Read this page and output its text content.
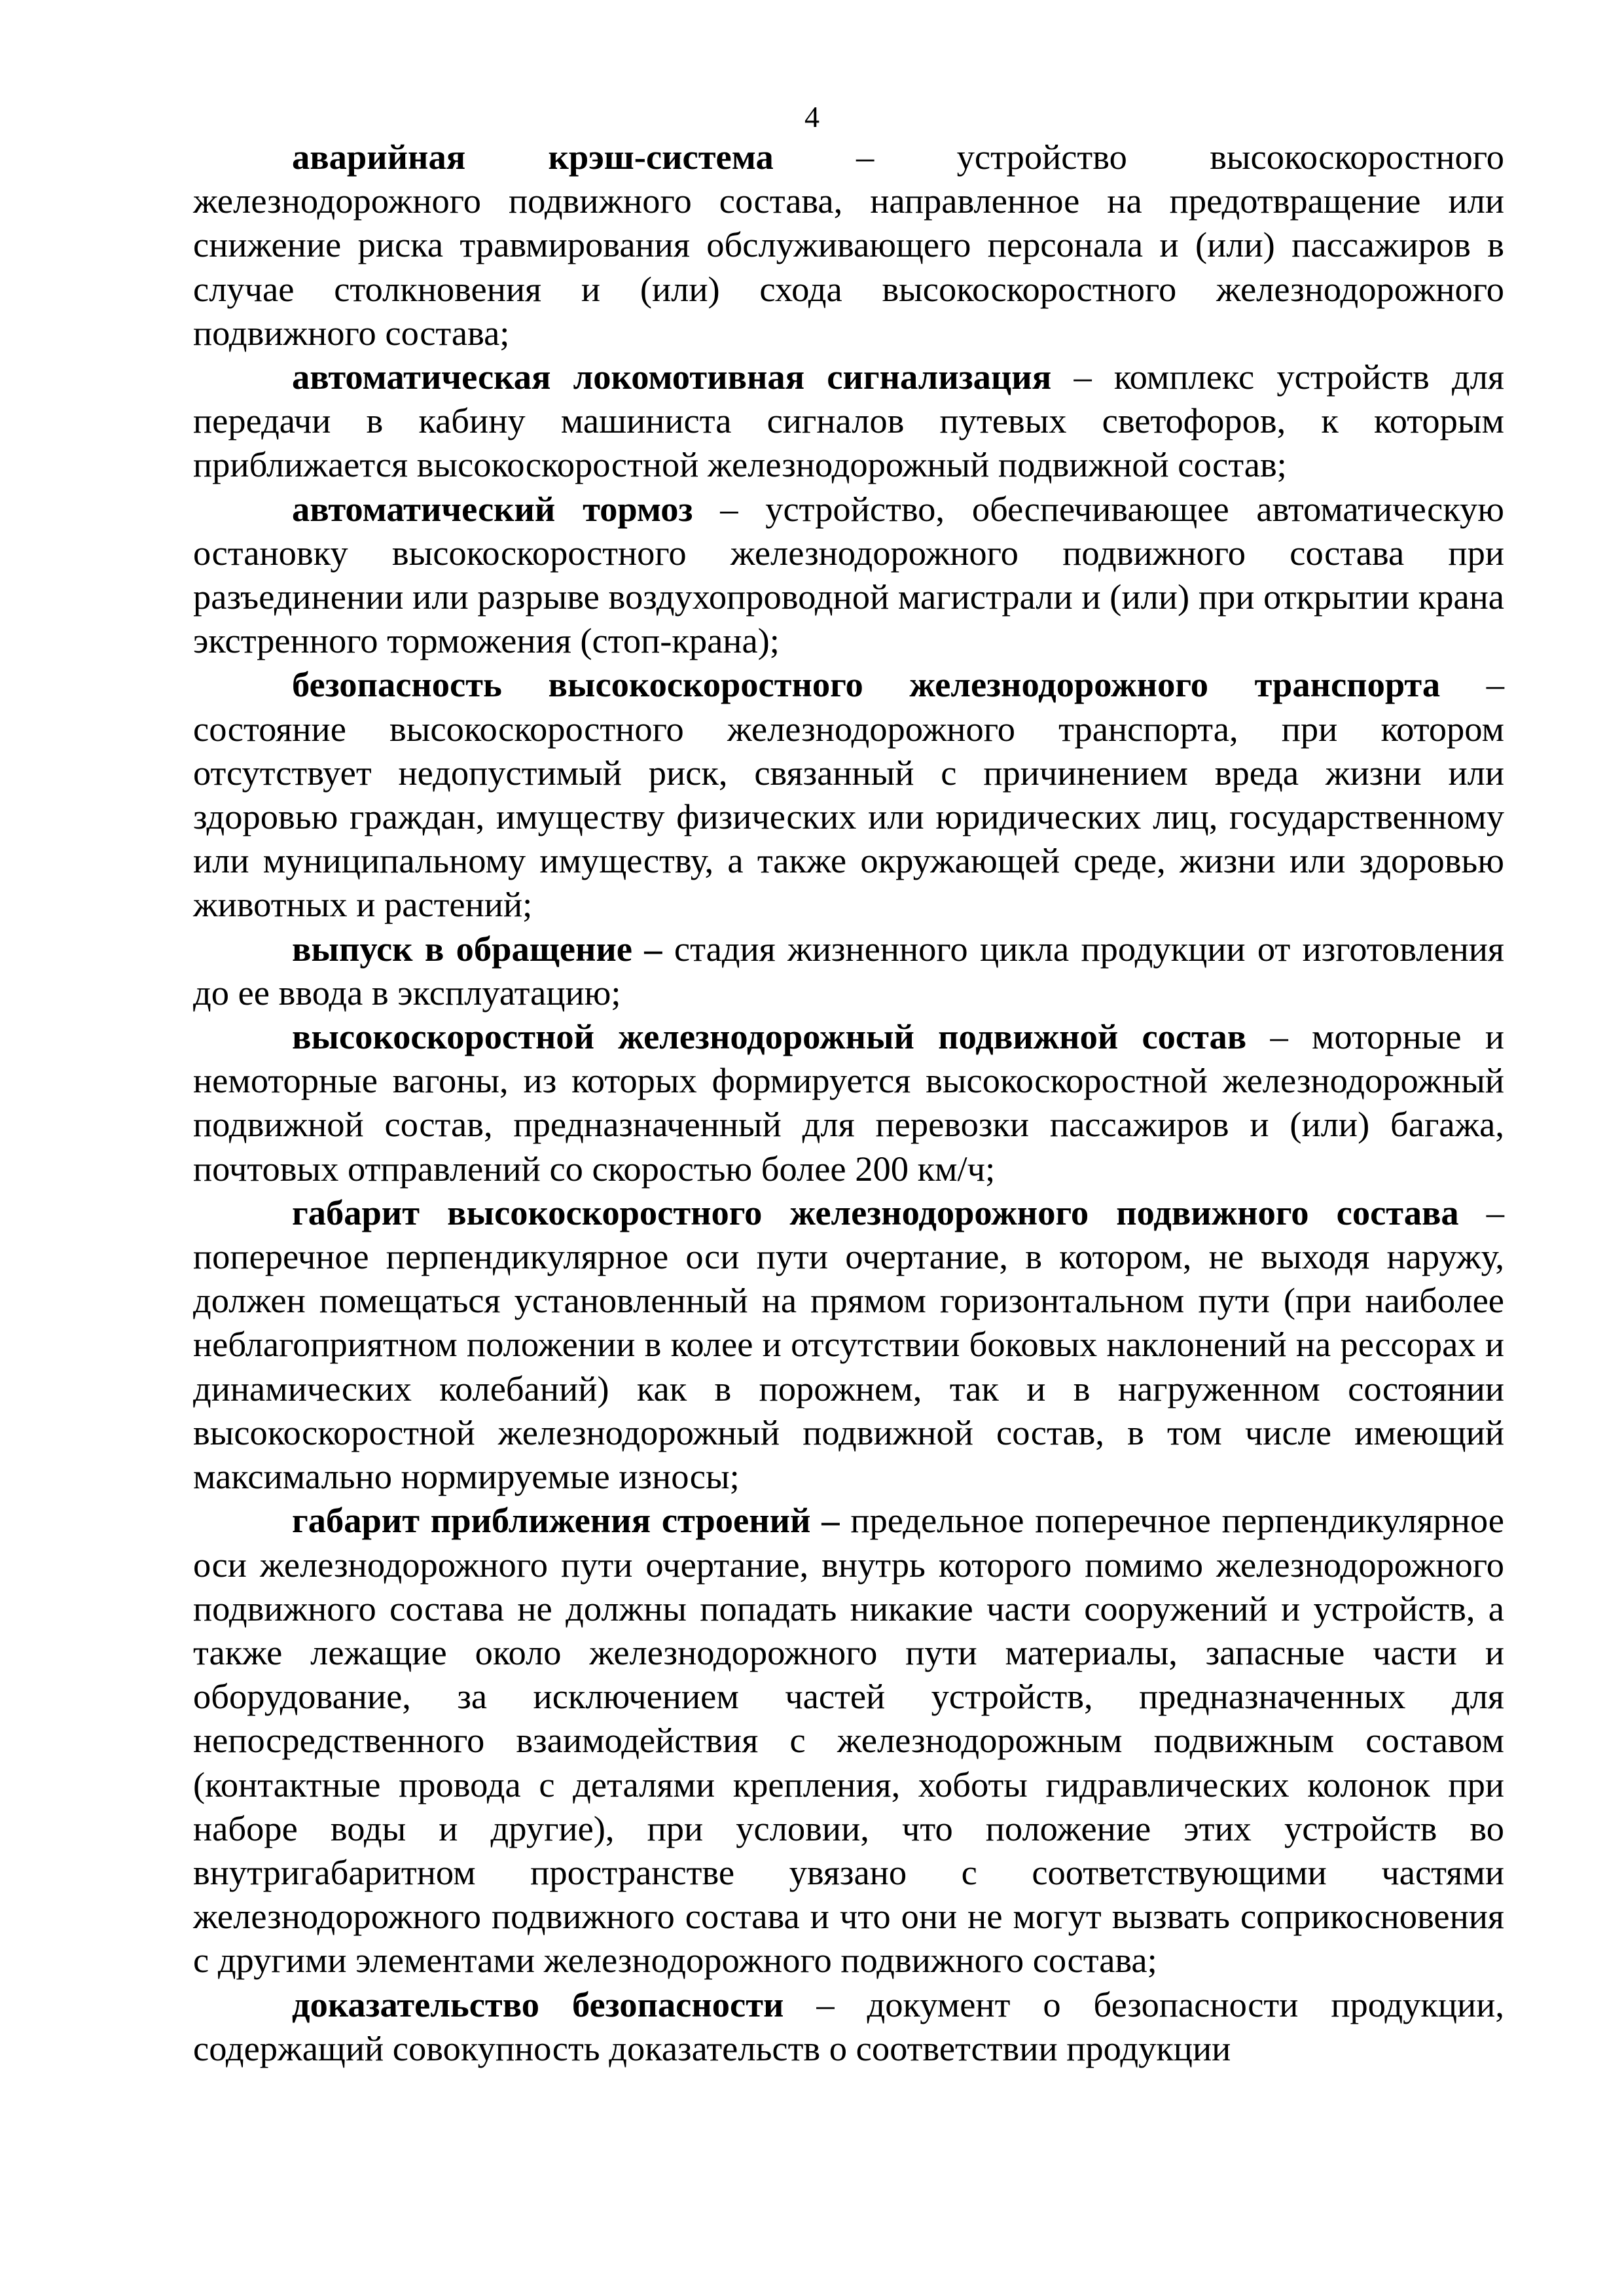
4

аварийная крэш-система – устройство высокоскоростного железнодорожного подвижного состава, направленное на предотвращение или снижение риска травмирования обслуживающего персонала и (или) пассажиров в случае столкновения и (или) схода высокоскоростного железнодорожного подвижного состава;

автоматическая локомотивная сигнализация – комплекс устройств для передачи в кабину машиниста сигналов путевых светофоров, к которым приближается высокоскоростной железнодорожный подвижной состав;

автоматический тормоз – устройство, обеспечивающее автоматическую остановку высокоскоростного железнодорожного подвижного состава при разъединении или разрыве воздухопроводной магистрали и (или) при открытии крана экстренного торможения (стоп-крана);

безопасность высокоскоростного железнодорожного транспорта – состояние высокоскоростного железнодорожного транспорта, при котором отсутствует недопустимый риск, связанный с причинением вреда жизни или здоровью граждан, имуществу физических или юридических лиц, государственному или муниципальному имуществу, а также окружающей среде, жизни или здоровью животных и растений;

выпуск в обращение – стадия жизненного цикла продукции от изготовления до ее ввода в эксплуатацию;

высокоскоростной железнодорожный подвижной состав – моторные и немоторные вагоны, из которых формируется высокоскоростной железнодорожный подвижной состав, предназначенный для перевозки пассажиров и (или) багажа, почтовых отправлений со скоростью более 200 км/ч;

габарит высокоскоростного железнодорожного подвижного состава – поперечное перпендикулярное оси пути очертание, в котором, не выходя наружу, должен помещаться установленный на прямом горизонтальном пути (при наиболее неблагоприятном положении в колее и отсутствии боковых наклонений на рессорах и динамических колебаний) как в порожнем, так и в нагруженном состоянии высокоскоростной железнодорожный подвижной состав, в том числе имеющий максимально нормируемые износы;

габарит приближения строений – предельное поперечное перпендикулярное оси железнодорожного пути очертание, внутрь которого помимо железнодорожного подвижного состава не должны попадать никакие части сооружений и устройств, а также лежащие около железнодорожного пути материалы, запасные части и оборудование, за исключением частей устройств, предназначенных для непосредственного взаимодействия с железнодорожным подвижным составом (контактные провода с деталями крепления, хоботы гидравлических колонок при наборе воды и другие), при условии, что положение этих устройств во внутригабаритном пространстве увязано с соответствующими частями железнодорожного подвижного состава и что они не могут вызвать соприкосновения с другими элементами железнодорожного подвижного состава;

доказательство безопасности – документ о безопасности продукции, содержащий совокупность доказательств о соответствии продукции
